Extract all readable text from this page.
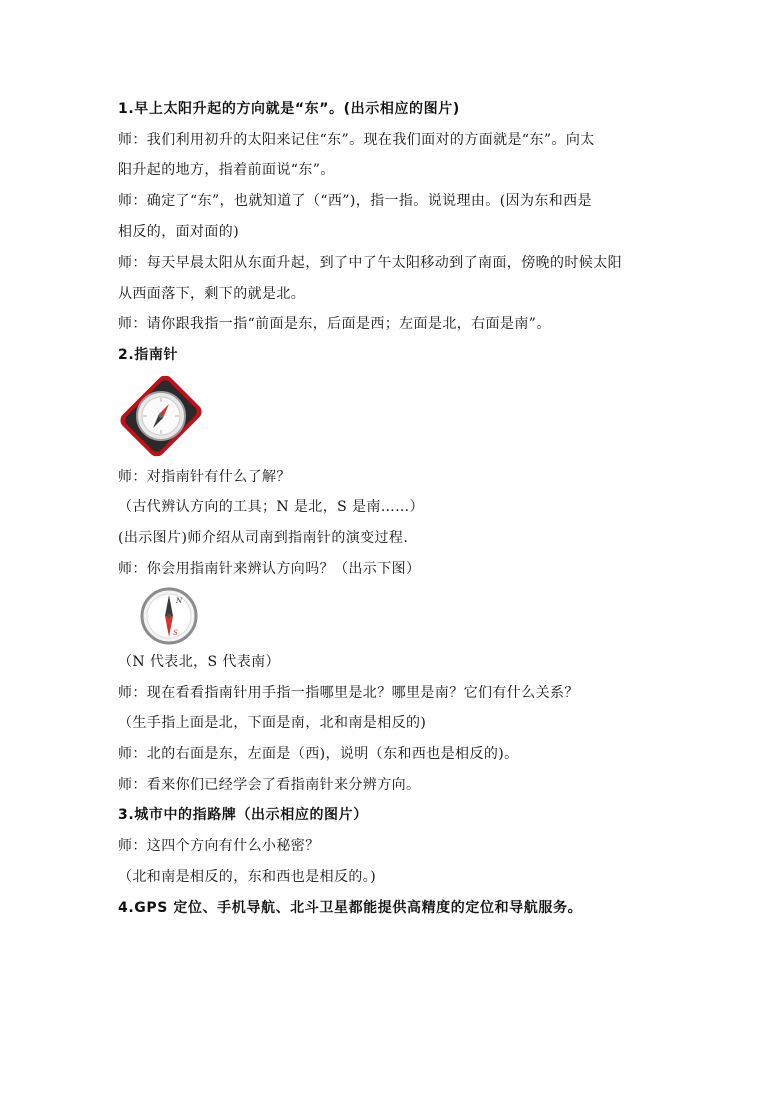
1.早上太阳升起的方向就是“东”。(出示相应的图片)
师：我们利用初升的太阳来记住“东”。现在我们面对的方面就是“东”。向太
阳升起的地方，指着前面说“东”。
师：确定了“东”，也就知道了（“西”)，指一指。说说理由。(因为东和西是
相反的，面对面的)
师：每天早晨太阳从东面升起，到了中了午太阳移动到了南面，傍晚的时候太阳
从西面落下，剩下的就是北。
师：请你跟我指一指“前面是东，后面是西；左面是北，右面是南”。
2.指南针
师：对指南针有什么了解？
（古代辨认方向的工具；N 是北，S 是南……）
(出示图片)师介绍从司南到指南针的演变过程.
师：你会用指南针来辨认方向吗？（出示下图）
N
S
（N 代表北，S 代表南）
师：现在看看指南针用手指一指哪里是北？哪里是南？它们有什么关系？
（生手指上面是北，下面是南，北和南是相反的)
师：北的右面是东，左面是（西)，说明（东和西也是相反的)。
师：看来你们已经学会了看指南针来分辨方向。
3.城市中的指路牌（出示相应的图片）
师：这四个方向有什么小秘密？
（北和南是相反的，东和西也是相反的。)
4.GPS 定位、手机导航、北斗卫星都能提供高精度的定位和导航服务。
